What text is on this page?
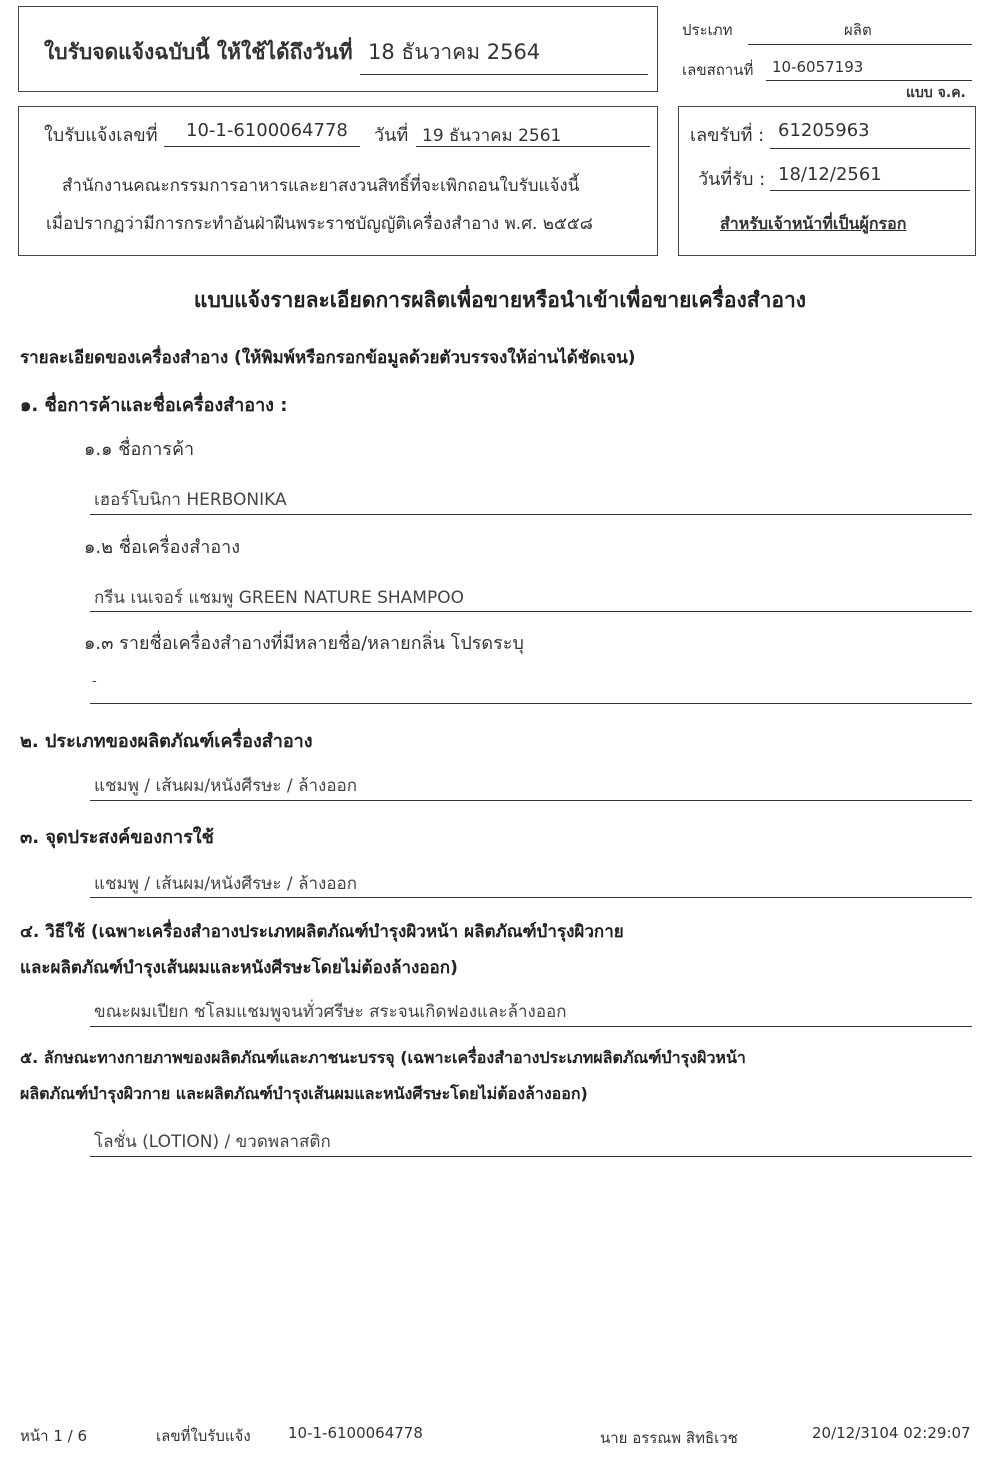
ใบรับจดแจ้งฉบับนี้ ให้ใช้ได้ถึงวันที่ 18 ธันวาคม 2564
ประเภท	ผลิต
เลขสถานที่ 10-6057193
แบบ จ.ค.
ใบรับแจ้งเลขที่ 10-1-6100064778 วันที่ 19 ธันวาคม 2561
สำนักงานคณะกรรมการอาหารและยาสงวนสิทธิ์ที่จะเพิกถอนใบรับแจ้งนี้
เมื่อปรากฏว่ามีการกระทำอันฝ่าฝืนพระราชบัญญัติเครื่องสำอาง พ.ศ. ๒๕๕๘
เลขรับที่ : 61205963
วันที่รับ : 18/12/2561
สำหรับเจ้าหน้าที่เป็นผู้กรอก
แบบแจ้งรายละเอียดการผลิตเพื่อขายหรือนำเข้าเพื่อขายเครื่องสำอาง
รายละเอียดของเครื่องสำอาง (ให้พิมพ์หรือกรอกข้อมูลด้วยตัวบรรจงให้อ่านได้ชัดเจน)
๑. ชื่อการค้าและชื่อเครื่องสำอาง :
๑.๑ ชื่อการค้า
เฮอร์โบนิกา HERBONIKA
๑.๒ ชื่อเครื่องสำอาง
กรีน เนเจอร์ แชมพู GREEN NATURE SHAMPOO
๑.๓ รายชื่อเครื่องสำอางที่มีหลายชื่อ/หลายกลิ่น โปรดระบุ
-
๒. ประเภทของผลิตภัณฑ์เครื่องสำอาง
แชมพู / เส้นผม/หนังศีรษะ / ล้างออก
๓. จุดประสงค์ของการใช้
แชมพู / เส้นผม/หนังศีรษะ / ล้างออก
๔. วิธีใช้ (เฉพาะเครื่องสำอางประเภทผลิตภัณฑ์บำรุงผิวหน้า ผลิตภัณฑ์บำรุงผิวกาย
และผลิตภัณฑ์บำรุงเส้นผมและหนังศีรษะโดยไม่ต้องล้างออก)
ขณะผมเปียก ชโลมแชมพูจนทั่วศรีษะ สระจนเกิดฟองและล้างออก
๕. ลักษณะทางกายภาพของผลิตภัณฑ์และภาชนะบรรจุ (เฉพาะเครื่องสำอางประเภทผลิตภัณฑ์บำรุงผิวหน้า
ผลิตภัณฑ์บำรุงผิวกาย และผลิตภัณฑ์บำรุงเส้นผมและหนังศีรษะโดยไม่ต้องล้างออก)
โลชั่น (LOTION) / ขวดพลาสติก
หน้า 1 / 6	เลขที่ใบรับแจ้ง 10-1-6100064778	นาย อรรณพ สิทธิเวช	20/12/3104 02:29:07
